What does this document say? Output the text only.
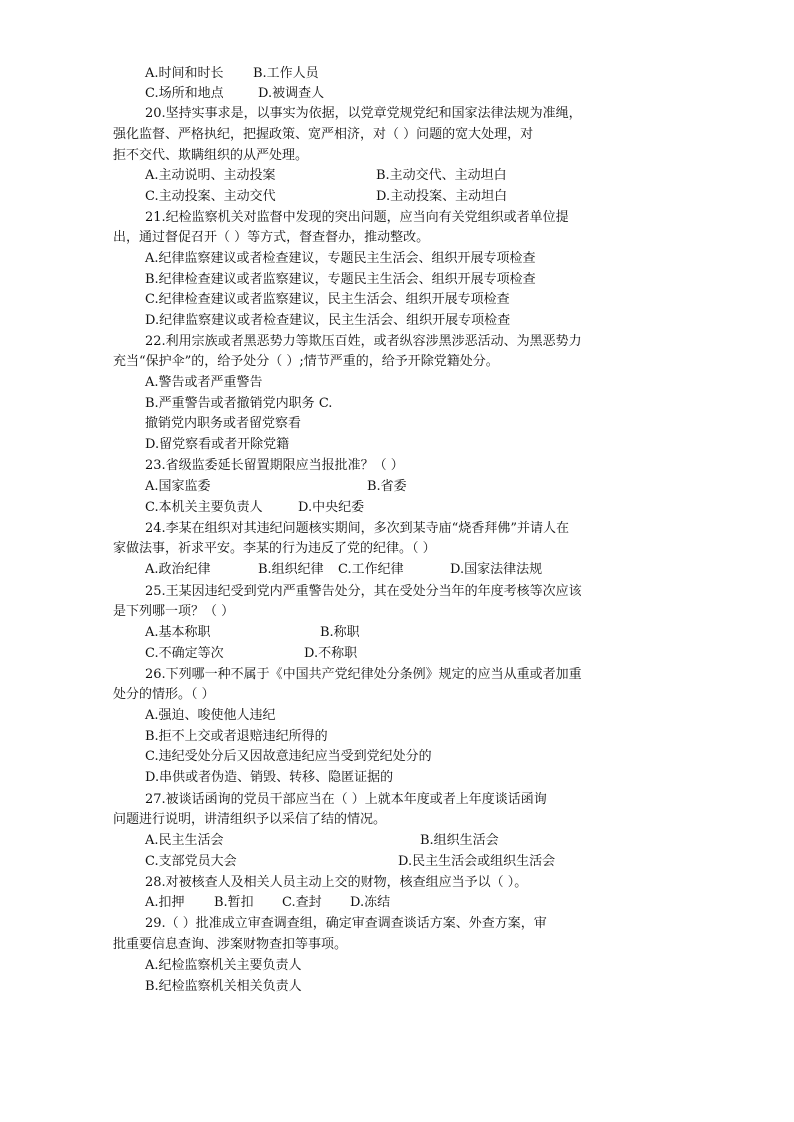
A.时间和时长 B.工作人员
C.场所和地点	D.被调查人
20.坚持实事求是，以事实为依据，以党章党规党纪和国家法律法规为准绳，
强化监督、严格执纪，把握政策、宽严相济，对（ ）问题的宽大处理，对
拒不交代、欺瞒组织的从严处理。
A.主动说明、主动投案	B.主动交代、主动坦白
C.主动投案、主动交代	D.主动投案、主动坦白
21.纪检监察机关对监督中发现的突出问题，应当向有关党组织或者单位提
出，通过督促召开（ ）等方式，督查督办，推动整改。
A.纪律监察建议或者检查建议，专题民主生活会、组织开展专项检查
B.纪律检查建议或者监察建议，专题民主生活会、组织开展专项检查
C.纪律检查建议或者监察建议，民主生活会、组织开展专项检查
D.纪律监察建议或者检查建议，民主生活会、组织开展专项检查
22.利用宗族或者黑恶势力等欺压百姓，或者纵容涉黑涉恶活动、为黑恶势力
充当“保护伞”的，给予处分（ ）;情节严重的，给予开除党籍处分。
A.警告或者严重警告
B.严重警告或者撤销党内职务 C.
撤销党内职务或者留党察看
D.留党察看或者开除党籍
23.省级监委延长留置期限应当报批准？（ ）
A.国家监委	B.省委
C.本机关主要负责人	D.中央纪委
24.李某在组织对其违纪问题核实期间，多次到某寺庙“烧香拜佛”并请人在
家做法事，祈求平安。李某的行为违反了党的纪律。（ ）
A.政治纪律	B.组织纪律 C.工作纪律	D.国家法律法规
25.王某因违纪受到党内严重警告处分，其在受处分当年的年度考核等次应该
是下列哪一项？（ ）
A.基本称职	B.称职
C.不确定等次	D.不称职
26.下列哪一种不属于《中国共产党纪律处分条例》规定的应当从重或者加重
处分的情形。（ ）
A.强迫、唆使他人违纪
B.拒不上交或者退赔违纪所得的
C.违纪受处分后又因故意违纪应当受到党纪处分的
D.串供或者伪造、销毁、转移、隐匿证据的
27.被谈话函询的党员干部应当在（ ）上就本年度或者上年度谈话函询
问题进行说明，讲清组织予以采信了结的情况。
A.民主生活会	B.组织生活会
C.支部党员大会	D.民主生活会或组织生活会
28.对被核查人及相关人员主动上交的财物，核查组应当予以（ ）。
A.扣押 B.暂扣 C.查封 D.冻结
29.（ ）批准成立审查调查组，确定审查调查谈话方案、外查方案，审
批重要信息查询、涉案财物查扣等事项。
A.纪检监察机关主要负责人
B.纪检监察机关相关负责人
